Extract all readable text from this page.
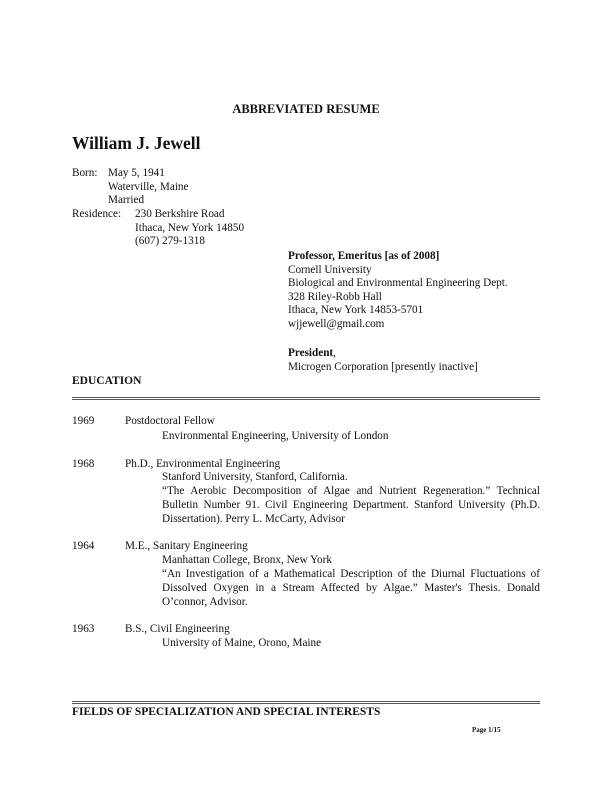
ABBREVIATED RESUME
William J. Jewell
Born: May 5, 1941
Waterville, Maine
Married
Residence: 230 Berkshire Road
Ithaca, New York 14850
(607) 279-1318
Professor, Emeritus [as of 2008]
Cornell University
Biological and Environmental Engineering Dept.
328 Riley-Robb Hall
Ithaca, New York 14853-5701
wjjewell@gmail.com
President,
Microgen Corporation [presently inactive]
EDUCATION
1969	Postdoctoral Fellow
Environmental Engineering, University of London
1968	Ph.D., Environmental Engineering
Stanford University, Stanford, California.
“The Aerobic Decomposition of Algae and Nutrient Regeneration.” Technical Bulletin Number 91. Civil Engineering Department. Stanford University (Ph.D. Dissertation). Perry L. McCarty, Advisor
1964	M.E., Sanitary Engineering
Manhattan College, Bronx, New York
“An Investigation of a Mathematical Description of the Diurnal Fluctuations of Dissolved Oxygen in a Stream Affected by Algae.” Master's Thesis. Donald O’connor, Advisor.
1963	B.S., Civil Engineering
University of Maine, Orono, Maine
FIELDS OF SPECIALIZATION AND SPECIAL INTERESTS
Page 1/15
